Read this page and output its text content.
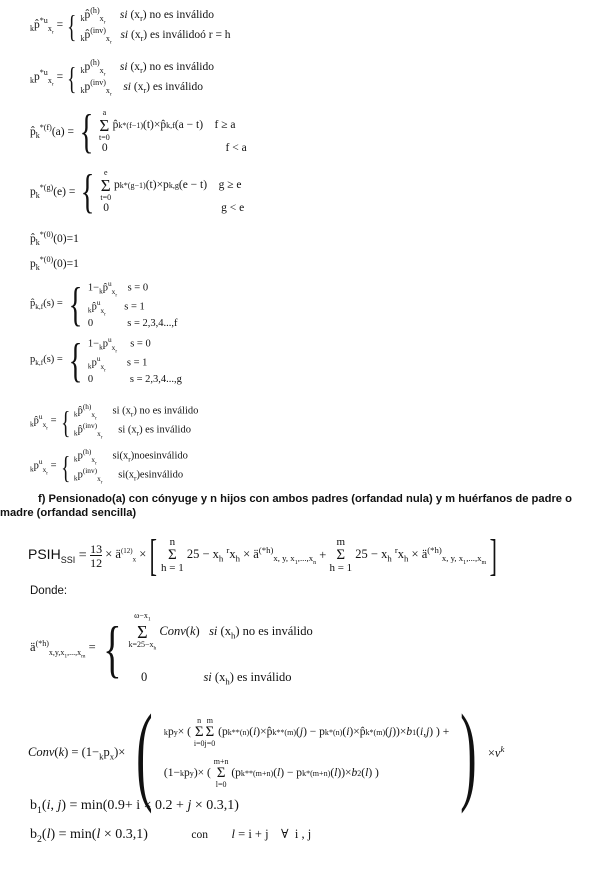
$_k$p̂$^{*u}_{x_r}$ = { $_k$p̂$^{(h)}_{x_r}$     si $(x_r)$ no es inválido
$_k$p̂$^{(inv)}_{x_r}$   si $(x_r)$ es inválidoó r = h
$_kp^{*u}_{x_r}$ = { $_kp^{(h)}_{x_r}$     si $(x_r)$ no es inválido
$_kp^{(inv)}_{x_r}$    si $(x_r)$ es inválido
$p̂_k^{*(f)}(a)$ = { a
Σ
t=0
p̂ k *(f−1) (t)×p̂ k,f (a − t)    f ≥ a
0                                         f < a
$p_k^{*(g)}(e)$ = { e
Σ
t=0
p k *(g−1) (t)×p k,g (e − t)    g ≥ e
0                                       g < e
$p̂_k^{*(0)}(0)=1$
$p_k^{*(0)}(0)=1$
$p̂_{k,f}(s)$ = { $1-_kp̂^u_{x_r}$    s = 0
$_k$p̂$^u_{x_r}$       s = 1
0             s = 2,3,4...,f
$p_{k,f}(s)$ = { $1-_kp^u_{x_r}$     s = 0
$_kp^u_{x_r}$        s = 1
0              s = 2,3,4...,g
$_k$p̂$^u_{x_r}$ = { $_k$p̂$^{(h)}_{x_r}$      si $(x_r)$ no es inválido
$_k$p̂$^{(inv)}_{x_r}$      si $(x_r)$ es inválido
$_kp^u_{x_r}$ = { $_kp^{(h)}_{x_r}$      $si(x_r)noesinválido$
$_kp^{(inv)}_{x_r}$      $si(x_r)esinválido$
f) Pensionado(a) con cónyuge y n hijos con ambos padres (orfandad nula) y m huérfanos de padre o madre (orfandad sencilla)
$PSIH_{SSI} = \frac{13}{12}$ × $ä^{(12)}_x$ × [ n
Σ
h = 1
$25 - x_h$ $^rx_h$ × $ä^{(*h)}_{x, y, x_1,...,x_n}$
+
m
Σ
h = 1
$25 - x_h$ $^rx_h$ × $ä^{(*h)}_{x, y, x_1,...,x_m}$ ]
Donde:
$ä^{(*h)}_{x,y,x_1,...,x_m}$ = { $\omega-x_1$
Σ
$k=25-x_h$
Conv(k)   si $(x_h)$ no es inválido
0                  si $(x_h)$ es inválido
Conv(k) = $(1-_kp_x)\times$ ( k p y × (
n
Σ
i=0
m
Σ
j=0
(p k **(n) ( i )×p̂ k **(m) ( j ) − p k *(n) ( i )×p̂ k *(m) ( j ))× b 1 ( i , j ) ) +
(1− k p y )× (
m+n
Σ
l=0
(p k **(m+n) ( l ) − p k *(m+n) ( l ))× b 2 ( l ) ) ) $\times v^k$
$b_1(i$, j) = min(0.9+ i × 0.2 + j × 0.3,1)
$b_2(l) = \min(l \times 0.3,1)$	con l = i + j    ∀  i , j
